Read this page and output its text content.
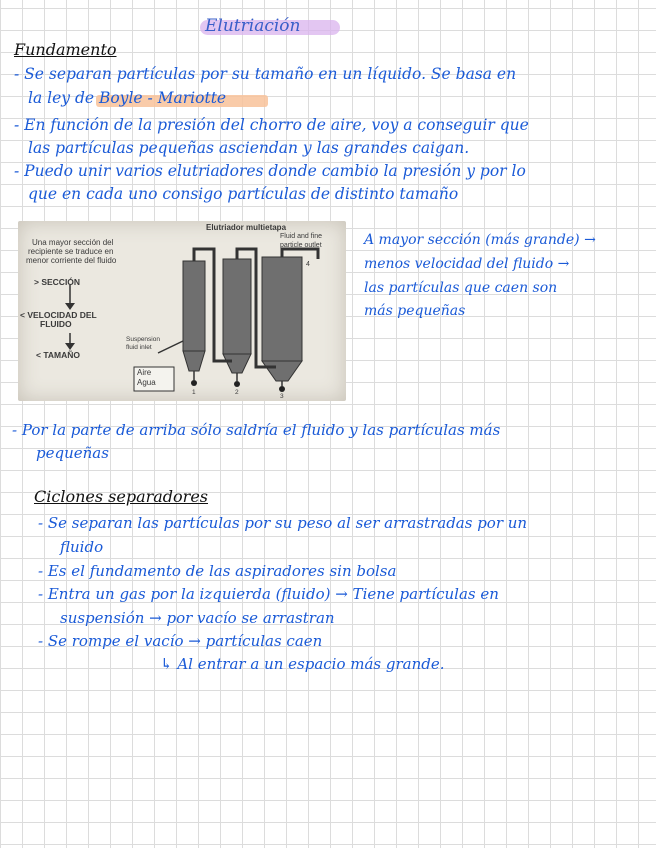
Elutriación
Fundamento
- Se separan partículas por su tamaño en un líquido. Se basa en
la ley de Boyle - Mariotte
- En función de la presión del chorro de aire, voy a conseguir que
las partículas pequeñas asciendan y las grandes caigan.
- Puedo unir varios elutriadores donde cambio la presión y por lo
que en cada uno consigo partículas de distinto tamaño
Elutriador multietapa
Fluid and fine
particle outlet
4
Una mayor sección del
recipiente se traduce en
menor corriente del fluido
> SECCIÓN
< VELOCIDAD DEL
FLUIDO
< TAMAÑO
Suspension
fluid inlet
Aire
Agua
1	2
3
A mayor sección (más grande) →
menos velocidad del fluido →
las partículas que caen son
más pequeñas
- Por la parte de arriba sólo saldría el fluido y las partículas más
pequeñas
Ciclones separadores
- Se separan las partículas por su peso al ser arrastradas por un
fluido
- Es el fundamento de las aspiradores sin bolsa
- Entra un gas por la izquierda (fluido) → Tiene partículas en
suspensión → por vacío se arrastran
- Se rompe el vacío → partículas caen
↳ Al entrar a un espacio más grande.
